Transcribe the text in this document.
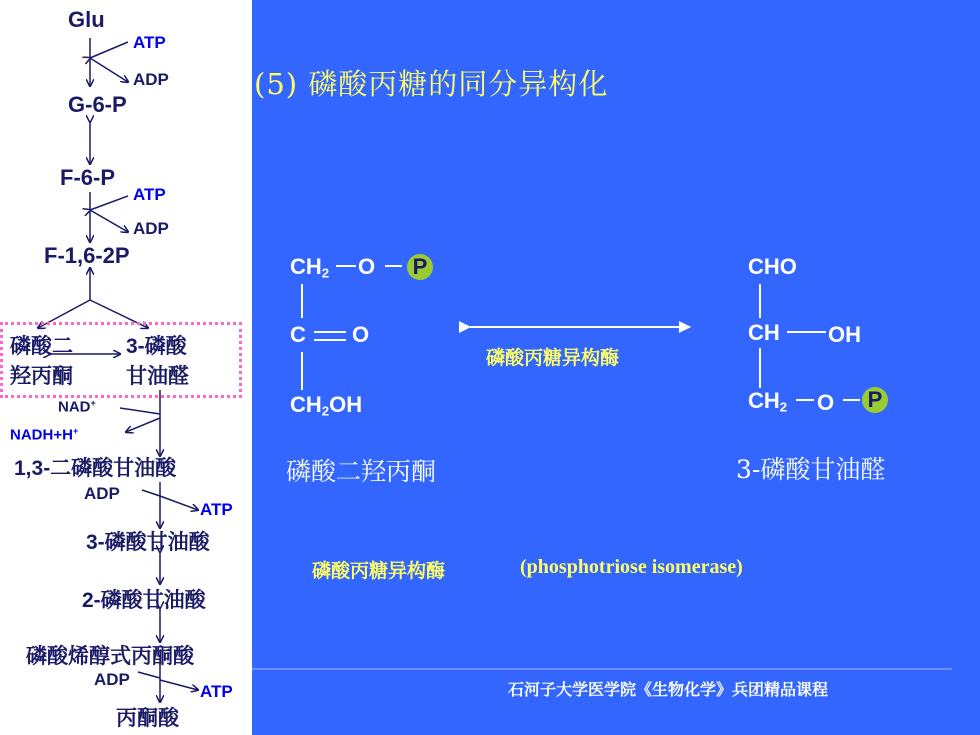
Glu
ATP
ADP
G-6-P
F-6-P
ATP
ADP
F-1,6-2P
磷酸二
羟丙酮
3-磷酸
甘油醛
NAD+
NADH+H+
1,3-二磷酸甘油酸
ADP
ATP
3-磷酸甘油酸
2-磷酸甘油酸
磷酸烯醇式丙酮酸
ADP
ATP
丙酮酸
(5) 磷酸丙糖的同分异构化
$CH_2$ O P
C O
$CH_2OH$
磷酸二羟丙酮
磷酸丙糖异构酶
CHO
CH OH
$CH_2$ O P
3-磷酸甘油醛
磷酸丙糖异构酶	(phosphotriose isomerase)
石河子大学医学院《生物化学》兵团精品课程
